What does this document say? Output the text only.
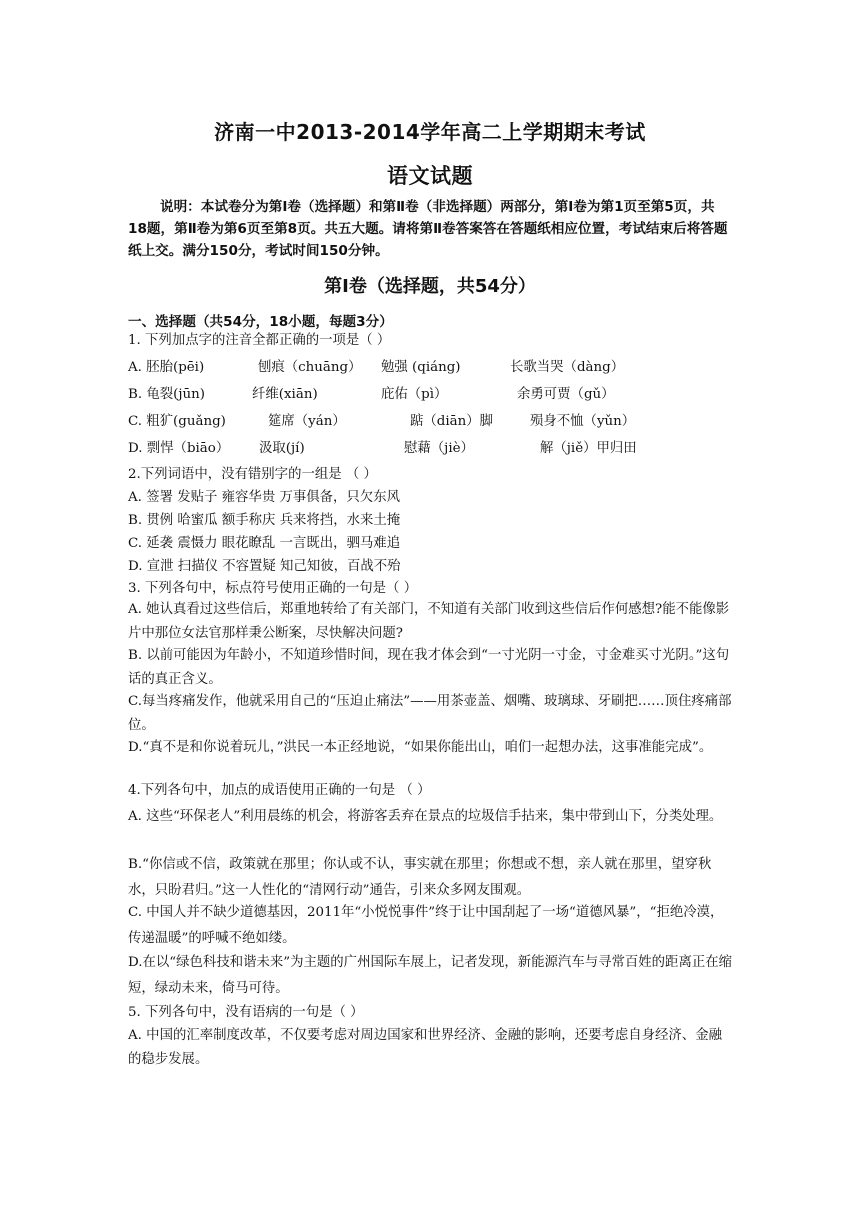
济南一中2013-2014学年高二上学期期末考试
语文试题
说明：本试卷分为第Ⅰ卷（选择题）和第Ⅱ卷（非选择题）两部分，第Ⅰ卷为第1页至第5页，共18题，第Ⅱ卷为第6页至第8页。共五大题。请将第Ⅱ卷答案答在答题纸相应位置，考试结束后将答题纸上交。满分150分，考试时间150分钟。
第Ⅰ卷（选择题，共54分）
一、选择题（共54分，18小题，每题3分）
1. 下列加点字的注音全都正确的一项是（ ）
A. 胚胎(pēi)	刨痕（chuāng） 勉强 (qiáng)	长歌当哭（dàng）
B. 龟裂(jūn)	纤维(xiān)	庇佑（pì）	余勇可贾（gǔ）
C. 粗犷(guǎng)	筵席（yán）	踮（diān）脚	殒身不恤（yǔn）
D. 剽悍（biāo） 汲取(jí)	慰藉（jiè）	解（jiě）甲归田
2.下列词语中，没有错别字的一组是 （ ）
A. 签署 发贴子 雍容华贵 万事俱备，只欠东风
B. 贯例 哈蜜瓜 额手称庆 兵来将挡，水来土掩
C. 延袭 震慑力 眼花瞭乱 一言既出，驷马难追
D. 宣泄 扫描仪 不容置疑 知己知彼，百战不殆
3. 下列各句中，标点符号使用正确的一句是（ ）
A. 她认真看过这些信后，郑重地转给了有关部门，不知道有关部门收到这些信后作何感想?能不能像影片中那位女法官那样秉公断案，尽快解决问题?
B. 以前可能因为年龄小，不知道珍惜时间，现在我才体会到“一寸光阴一寸金，寸金难买寸光阴。”这句话的真正含义。
C.每当疼痛发作，他就采用自己的“压迫止痛法”——用茶壶盖、烟嘴、玻璃球、牙刷把……顶住疼痛部位。
D.“真不是和你说着玩儿，”洪民一本正经地说，“如果你能出山，咱们一起想办法，这事准能完成”。
4.下列各句中，加点的成语使用正确的一句是 （ ）
A. 这些“环保老人”利用晨练的机会，将游客丢弃在景点的垃圾信手拈来，集中带到山下，分类处理。
B.“你信或不信，政策就在那里；你认或不认，事实就在那里；你想或不想，亲人就在那里，望穿秋水，只盼君归。”这一人性化的“清网行动”通告，引来众多网友围观。
C. 中国人并不缺少道德基因，2011年“小悦悦事件”终于让中国刮起了一场“道德风暴”，“拒绝冷漠，传递温暖”的呼喊不绝如缕。
D.在以“绿色科技和谐未来”为主题的广州国际车展上，记者发现，新能源汽车与寻常百姓的距离正在缩短，绿动未来，倚马可待。
5. 下列各句中，没有语病的一句是（ ）
A. 中国的汇率制度改革，不仅要考虑对周边国家和世界经济、金融的影响，还要考虑自身经济、金融的稳步发展。
